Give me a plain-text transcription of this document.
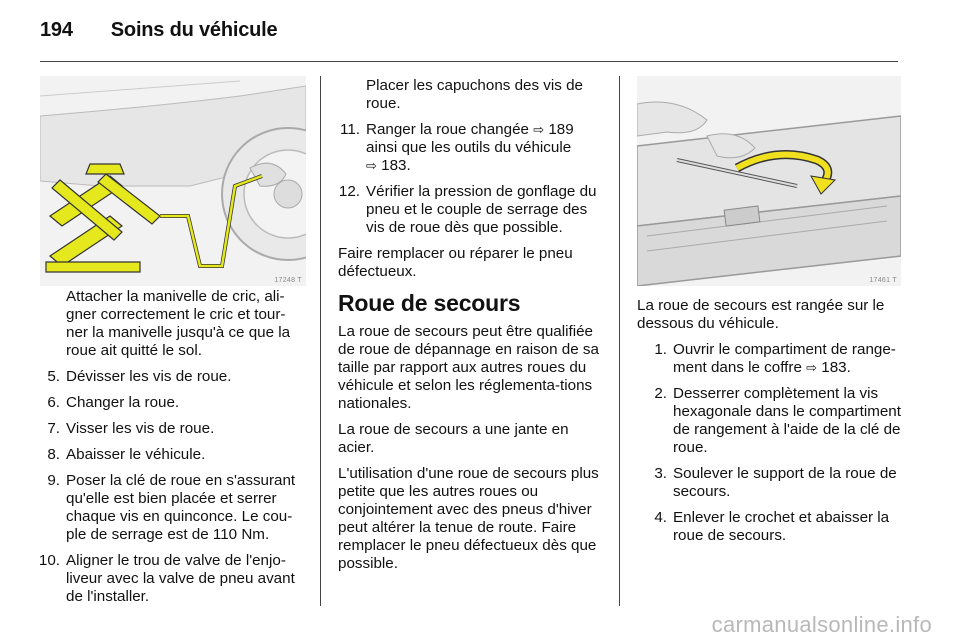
194 Soins du véhicule
17248 T	17461 T
Attacher la manivelle de cric, ali-gner correctement le cric et tour-ner la manivelle jusqu'à ce que la roue ait quitté le sol.
5. Dévisser les vis de roue.
6. Changer la roue.
7. Visser les vis de roue.
8. Abaisser le véhicule.
9. Poser la clé de roue en s'assurant qu'elle est bien placée et serrer chaque vis en quinconce. Le cou-ple de serrage est de 110 Nm.
10. Aligner le trou de valve de l'enjo-liveur avec la valve de pneu avant de l'installer.
Placer les capuchons des vis de roue.
11. Ranger la roue changée ⇨ 189 ainsi que les outils du véhicule
⇨ 183.
12. Vérifier la pression de gonflage du pneu et le couple de serrage des vis de roue dès que possible.

Faire remplacer ou réparer le pneu défectueux.

Roue de secours

La roue de secours peut être qualifiée de roue de dépannage en raison de sa taille par rapport aux autres roues du véhicule et selon les réglementa-tions nationales.

La roue de secours a une jante en acier.

L'utilisation d'une roue de secours plus petite que les autres roues ou conjointement avec des pneus d'hiver peut altérer la tenue de route. Faire remplacer le pneu défectueux dès que possible.

La roue de secours est rangée sur le dessous du véhicule.

1. Ouvrir le compartiment de range-ment dans le coffre ⇨ 183.
2. Desserrer complètement la vis hexagonale dans le compartiment de rangement à l'aide de la clé de roue.
3. Soulever le support de la roue de secours.
4. Enlever le crochet et abaisser la roue de secours.
carmanualsonline.info
